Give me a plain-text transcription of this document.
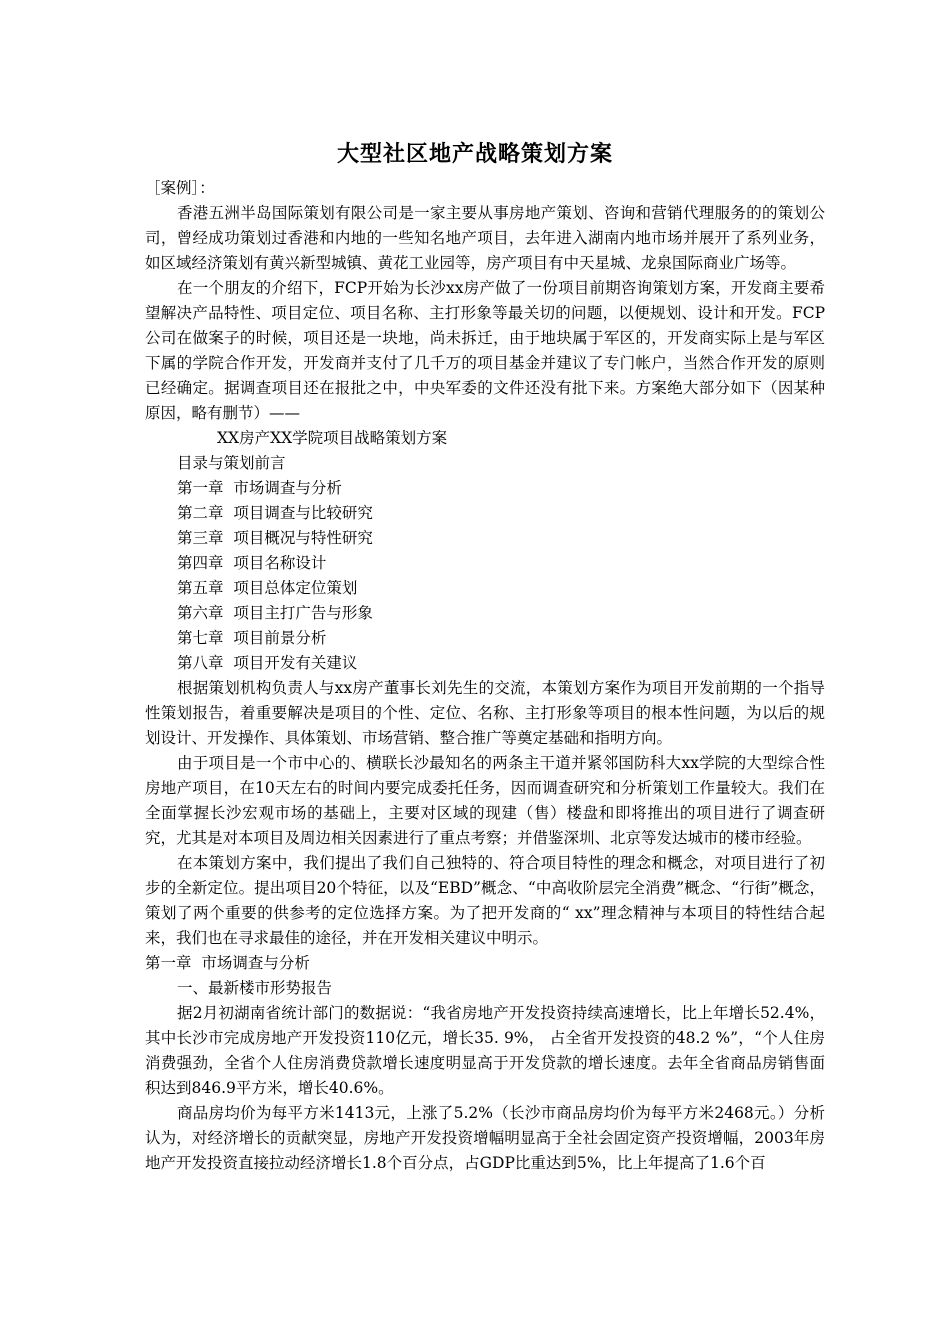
大型社区地产战略策划方案

［案例］：

香港五洲半岛国际策划有限公司是一家主要从事房地产策划、咨询和营销代理服务的的策划公司，曾经成功策划过香港和内地的一些知名地产项目，去年进入湖南内地市场并展开了系列业务，如区域经济策划有黄兴新型城镇、黄花工业园等，房产项目有中天星城、龙泉国际商业广场等。

在一个朋友的介绍下，FCP开始为长沙xx房产做了一份项目前期咨询策划方案，开发商主要希望解决产品特性、项目定位、项目名称、主打形象等最关切的问题，以便规划、设计和开发。FCP公司在做案子的时候，项目还是一块地，尚未拆迁，由于地块属于军区的，开发商实际上是与军区下属的学院合作开发，开发商并支付了几千万的项目基金并建议了专门帐户，当然合作开发的原则已经确定。据调查项目还在报批之中，中央军委的文件还没有批下来。方案绝大部分如下（因某种原因，略有删节）——

XX房产XX学院项目战略策划方案

目录与策划前言

第一章  市场调查与分析

第二章  项目调查与比较研究

第三章  项目概况与特性研究

第四章  项目名称设计

第五章  项目总体定位策划

第六章  项目主打广告与形象

第七章  项目前景分析

第八章  项目开发有关建议

根据策划机构负责人与xx房产董事长刘先生的交流，本策划方案作为项目开发前期的一个指导性策划报告，着重要解决是项目的个性、定位、名称、主打形象等项目的根本性问题，为以后的规划设计、开发操作、具体策划、市场营销、整合推广等奠定基础和指明方向。

由于项目是一个市中心的、横联长沙最知名的两条主干道并紧邻国防科大xx学院的大型综合性房地产项目，在10天左右的时间内要完成委托任务，因而调查研究和分析策划工作量较大。我们在全面掌握长沙宏观市场的基础上，主要对区域的现建（售）楼盘和即将推出的项目进行了调查研究，尤其是对本项目及周边相关因素进行了重点考察；并借鉴深圳、北京等发达城市的楼市经验。

在本策划方案中，我们提出了我们自己独特的、符合项目特性的理念和概念，对项目进行了初步的全新定位。提出项目20个特征，以及“EBD”概念、“中高收阶层完全消费”概念、“行街”概念，策划了两个重要的供参考的定位选择方案。为了把开发商的“ xx”理念精神与本项目的特性结合起来，我们也在寻求最佳的途径，并在开发相关建议中明示。

第一章  市场调查与分析

一、最新楼市形势报告

据2月初湖南省统计部门的数据说：“我省房地产开发投资持续高速增长，比上年增长52.4%，其中长沙市完成房地产开发投资110亿元，增长35. 9%， 占全省开发投资的48.2 %”，“个人住房消费强劲，全省个人住房消费贷款增长速度明显高于开发贷款的增长速度。去年全省商品房销售面积达到846.9平方米，增长40.6%。

商品房均价为每平方米1413元，上涨了5.2%（长沙市商品房均价为每平方米2468元。）分析认为，对经济增长的贡献突显，房地产开发投资增幅明显高于全社会固定资产投资增幅，2003年房地产开发投资直接拉动经济增长1.8个百分点，占GDP比重达到5%，比上年提高了1.6个百
